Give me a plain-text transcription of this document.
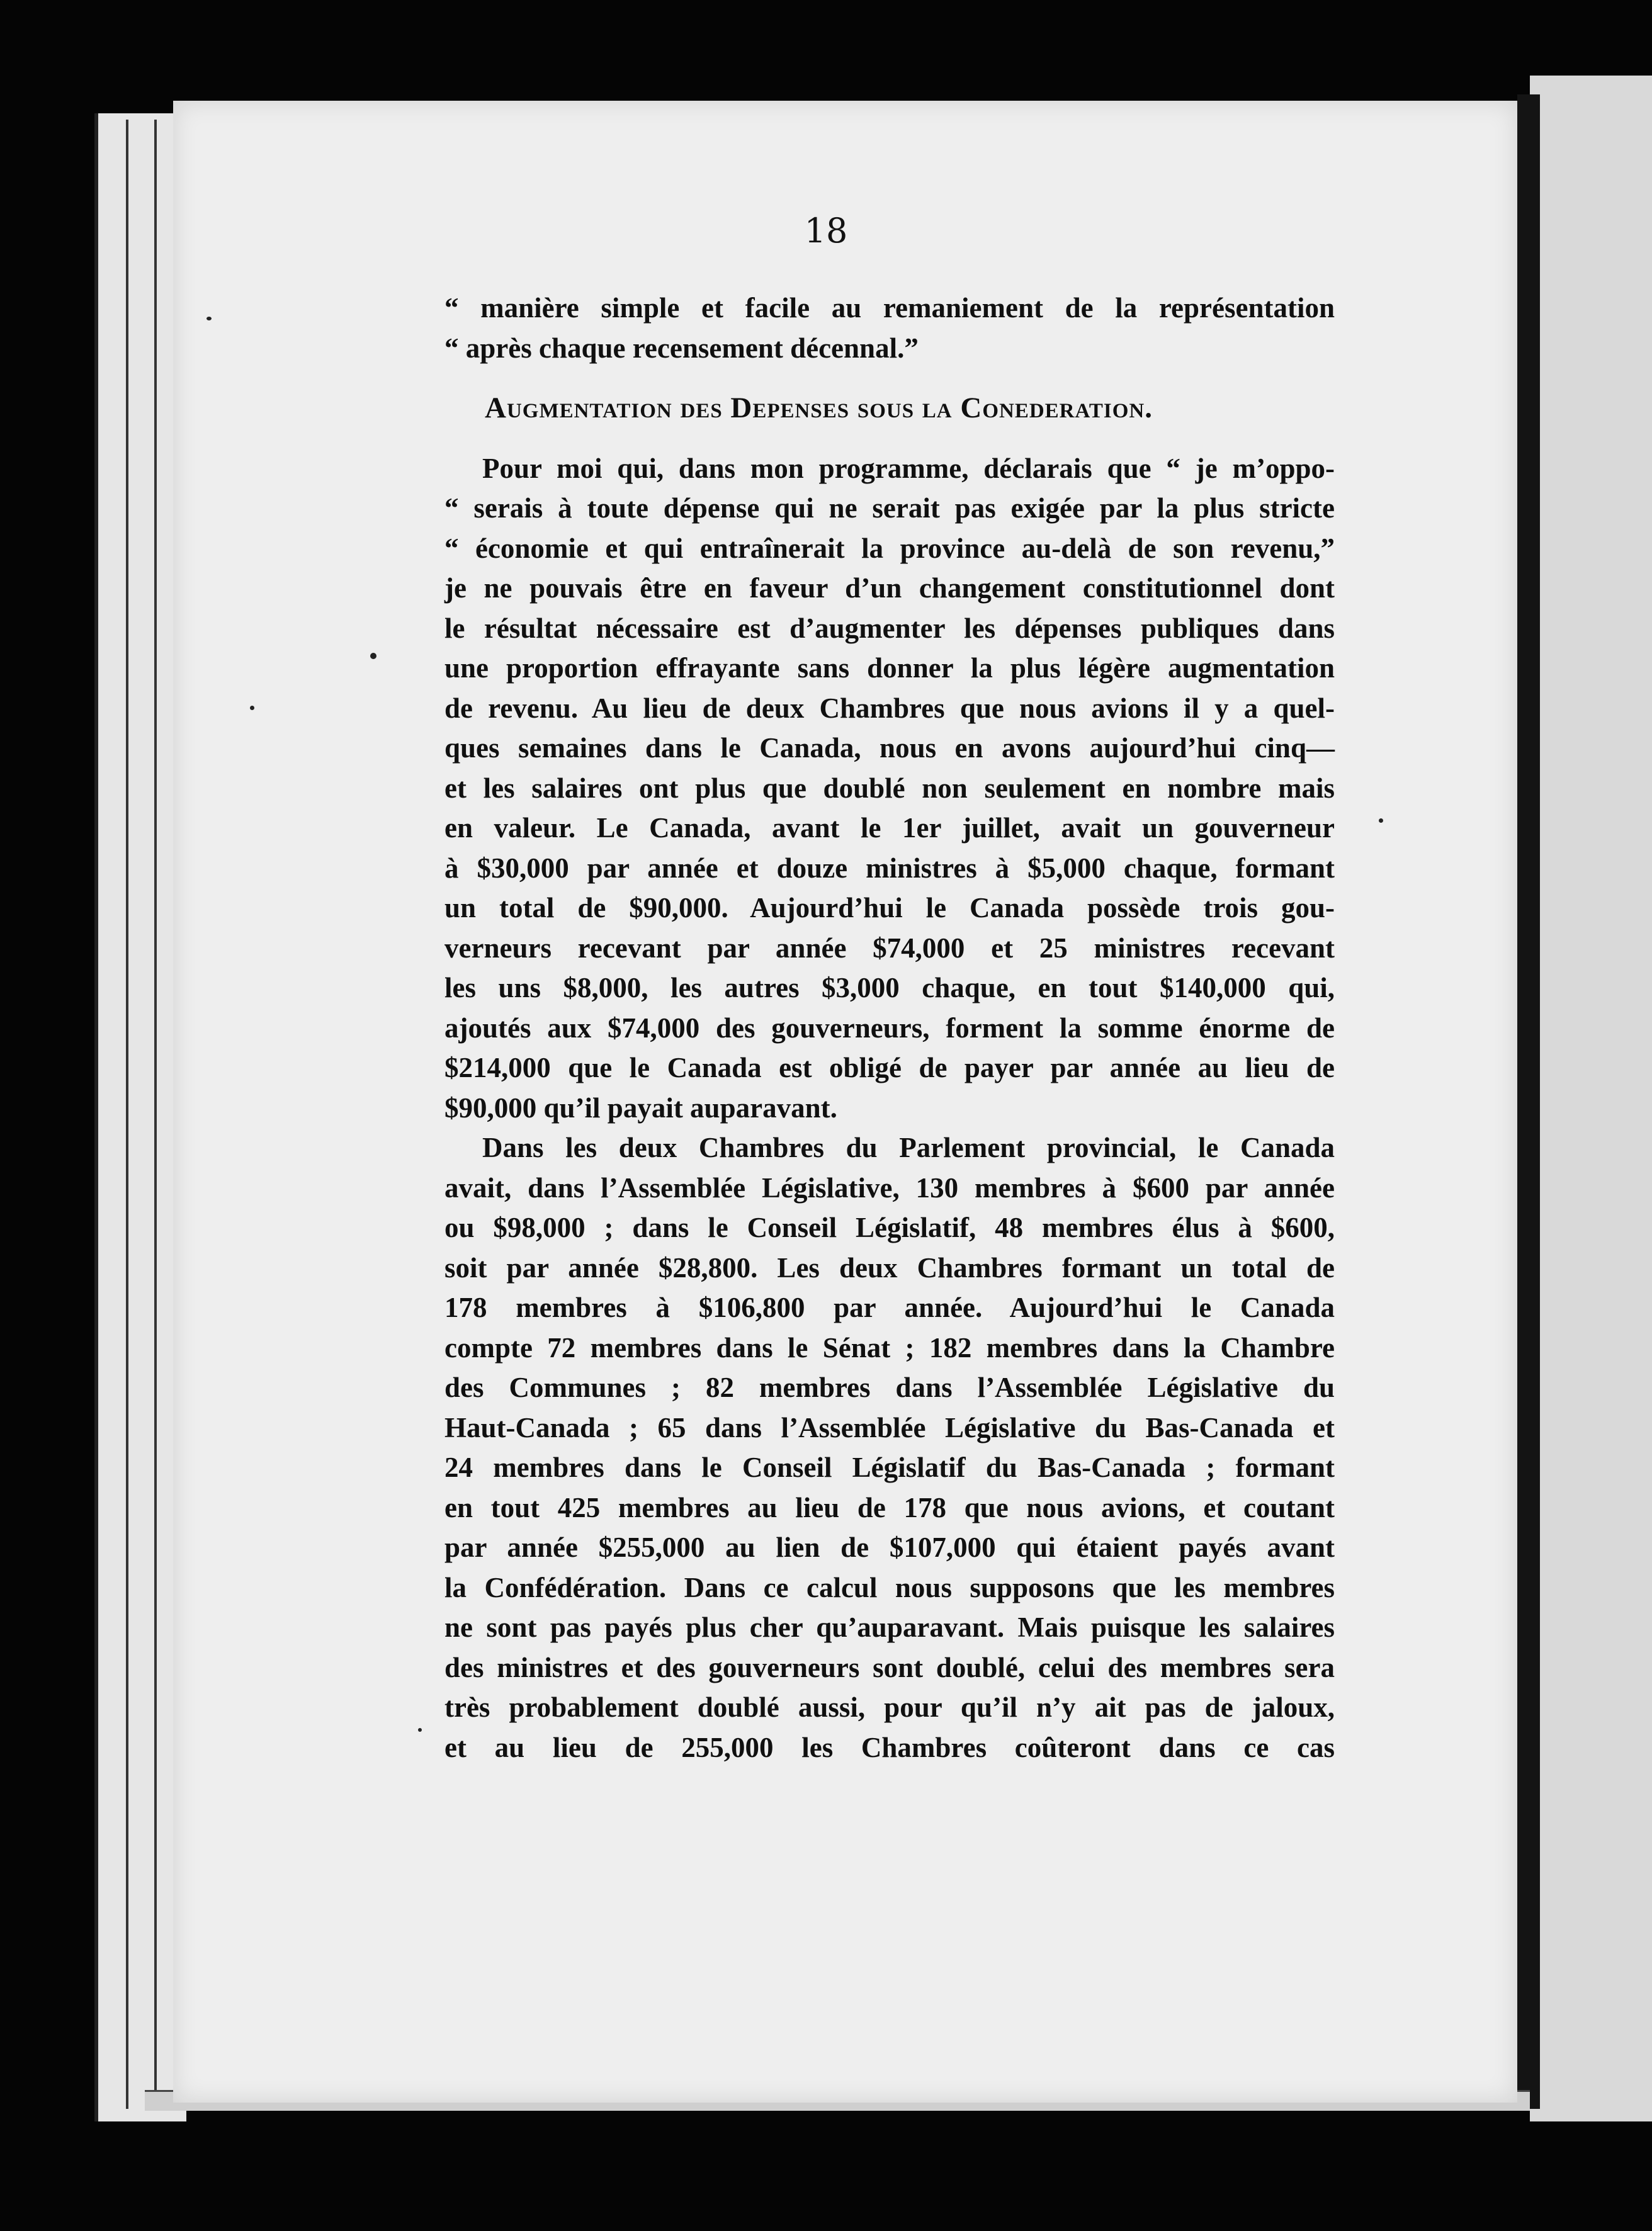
18
“ manière simple et facile au remaniement de la représentation
“ après chaque recensement décennal.”
Augmentation des Depenses sous la Conederation.
Pour moi qui, dans mon programme, déclarais que “ je m’oppo-
“ serais à toute dépense qui ne serait pas exigée par la plus stricte
“ économie et qui entraînerait la province au-delà de son revenu,”
je ne pouvais être en faveur d’un changement constitutionnel dont
le résultat nécessaire est d’augmenter les dépenses publiques dans
une proportion effrayante sans donner la plus légère augmentation
de revenu. Au lieu de deux Chambres que nous avions il y a quel-
ques semaines dans le Canada, nous en avons aujourd’hui cinq—
et les salaires ont plus que doublé non seulement en nombre mais
en valeur. Le Canada, avant le 1er juillet, avait un gouverneur
à $30,000 par année et douze ministres à $5,000 chaque, formant
un total de $90,000. Aujourd’hui le Canada possède trois gou-
verneurs recevant par année $74,000 et 25 ministres recevant
les uns $8,000, les autres $3,000 chaque, en tout $140,000 qui,
ajoutés aux $74,000 des gouverneurs, forment la somme énorme de
$214,000 que le Canada est obligé de payer par année au lieu de
$90,000 qu’il payait auparavant.
Dans les deux Chambres du Parlement provincial, le Canada
avait, dans l’Assemblée Législative, 130 membres à $600 par année
ou $98,000 ; dans le Conseil Législatif, 48 membres élus à $600,
soit par année $28,800. Les deux Chambres formant un total de
178 membres à $106,800 par année. Aujourd’hui le Canada
compte 72 membres dans le Sénat ; 182 membres dans la Chambre
des Communes ; 82 membres dans l’Assemblée Législative du
Haut-Canada ; 65 dans l’Assemblée Législative du Bas-Canada et
24 membres dans le Conseil Législatif du Bas-Canada ; formant
en tout 425 membres au lieu de 178 que nous avions, et coutant
par année $255,000 au lien de $107,000 qui étaient payés avant
la Confédération. Dans ce calcul nous supposons que les membres
ne sont pas payés plus cher qu’auparavant. Mais puisque les salaires
des ministres et des gouverneurs sont doublé, celui des membres sera
très probablement doublé aussi, pour qu’il n’y ait pas de jaloux,
et au lieu de 255,000 les Chambres coûteront dans ce cas
